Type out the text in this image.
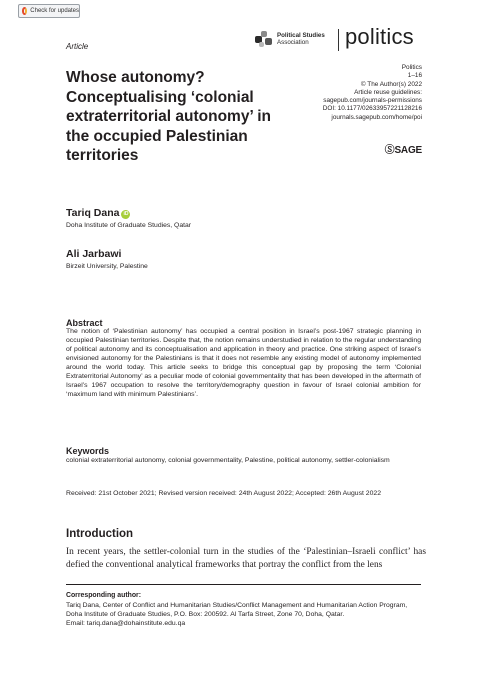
Check for updates
Article
Political Studies
Association	politics
Politics
1–16
© The Author(s) 2022
Article reuse guidelines:
sagepub.com/journals-permissions
DOI: 10.1177/02633957221128216
journals.sagepub.com/home/poi
ⓈSAGE
Whose autonomy? Conceptualising ‘colonial extraterritorial autonomy’ in the occupied Palestinian territories
Tariq Dana iD
Doha Institute of Graduate Studies, Qatar
Ali Jarbawi
Birzeit University, Palestine
Abstract
The notion of ‘Palestinian autonomy’ has occupied a central position in Israel’s post-1967 strategic planning in occupied Palestinian territories. Despite that, the notion remains understudied in relation to the regular understanding of political autonomy and its conceptualisation and application in theory and practice. One striking aspect of Israel’s envisioned autonomy for the Palestinians is that it does not resemble any existing model of autonomy implemented around the world today. This article seeks to bridge this conceptual gap by proposing the term ‘Colonial Extraterritorial Autonomy’ as a peculiar mode of colonial governmentality that has been developed in the aftermath of Israel’s 1967 occupation to resolve the territory/demography question in favour of Israel colonial ambition for ‘maximum land with minimum Palestinians’.
Keywords
colonial extraterritorial autonomy, colonial governmentality, Palestine, political autonomy, settler-colonialism
Received: 21st October 2021; Revised version received: 24th August 2022; Accepted: 26th August 2022
Introduction
In recent years, the settler-colonial turn in the studies of the ‘Palestinian–Israeli conflict’ has defied the conventional analytical frameworks that portray the conflict from the lens
Corresponding author:
Tariq Dana, Center of Conflict and Humanitarian Studies/Conflict Management and Humanitarian Action Program, Doha Institute of Graduate Studies, P.O. Box: 200592. Al Tarfa Street, Zone 70, Doha, Qatar.
Email: tariq.dana@dohainstitute.edu.qa
